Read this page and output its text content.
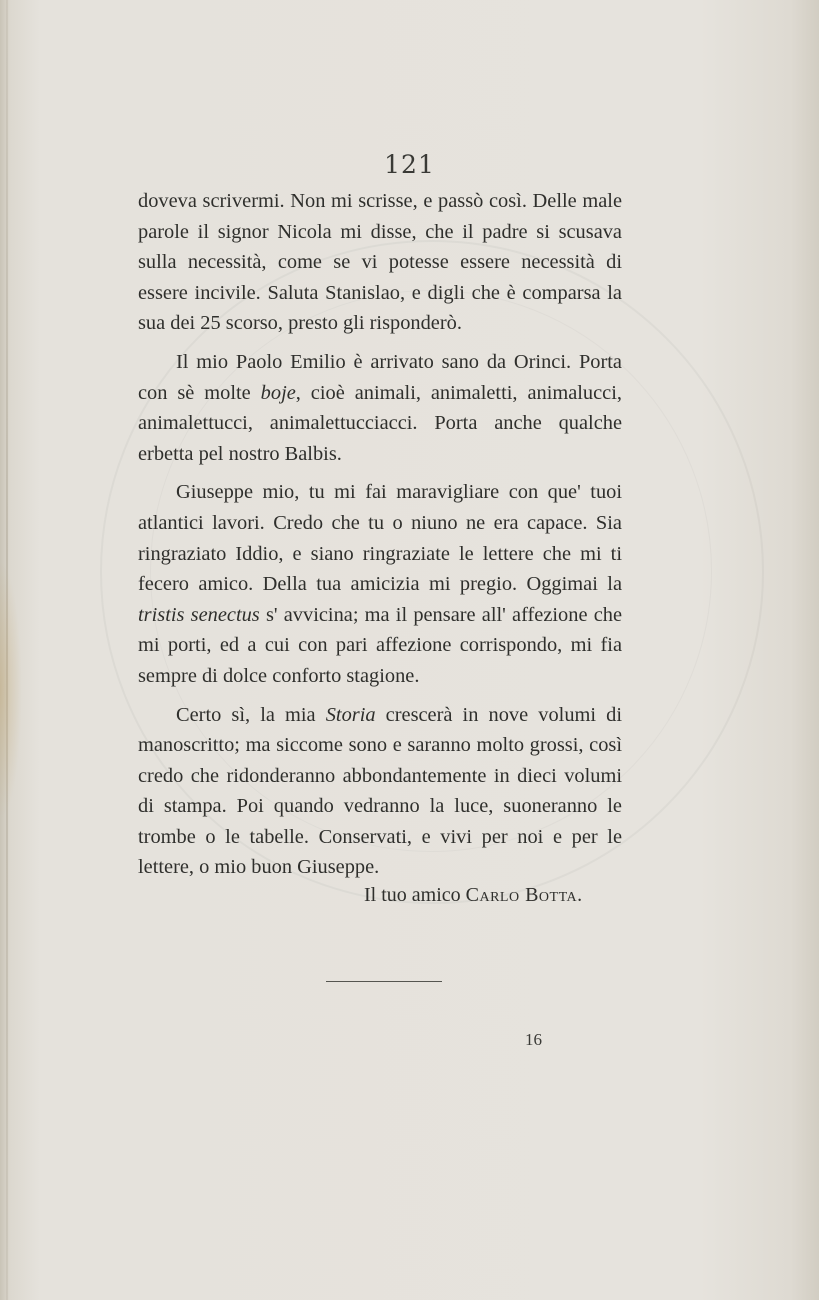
121

doveva scrivermi. Non mi scrisse, e passò così. Delle male parole il signor Nicola mi disse, che il padre si scusava sulla necessità, come se vi potesse essere necessità di essere incivile. Saluta Stanislao, e digli che è comparsa la sua dei 25 scorso, presto gli risponderò.

Il mio Paolo Emilio è arrivato sano da Orinci. Porta con sè molte boje, cioè animali, animaletti, animalucci, animalettucci, animalettucciacci. Porta anche qualche erbetta pel nostro Balbis.

Giuseppe mio, tu mi fai maravigliare con que' tuoi atlantici lavori. Credo che tu o niuno ne era capace. Sia ringraziato Iddio, e siano ringraziate le lettere che mi ti fecero amico. Della tua amicizia mi pregio. Oggimai la tristis senectus s' avvicina; ma il pensare all' affezione che mi porti, ed a cui con pari affezione corrispondo, mi fia sempre di dolce conforto stagione.

Certo sì, la mia Storia crescerà in nove volumi di manoscritto; ma siccome sono e saranno molto grossi, così credo che ridonderanno abbondantemente in dieci volumi di stampa. Poi quando vedranno la luce, suoneranno le trombe o le tabelle. Conservati, e vivi per noi e per le lettere, o mio buon Giuseppe.

Il tuo amico Carlo Botta.
16
